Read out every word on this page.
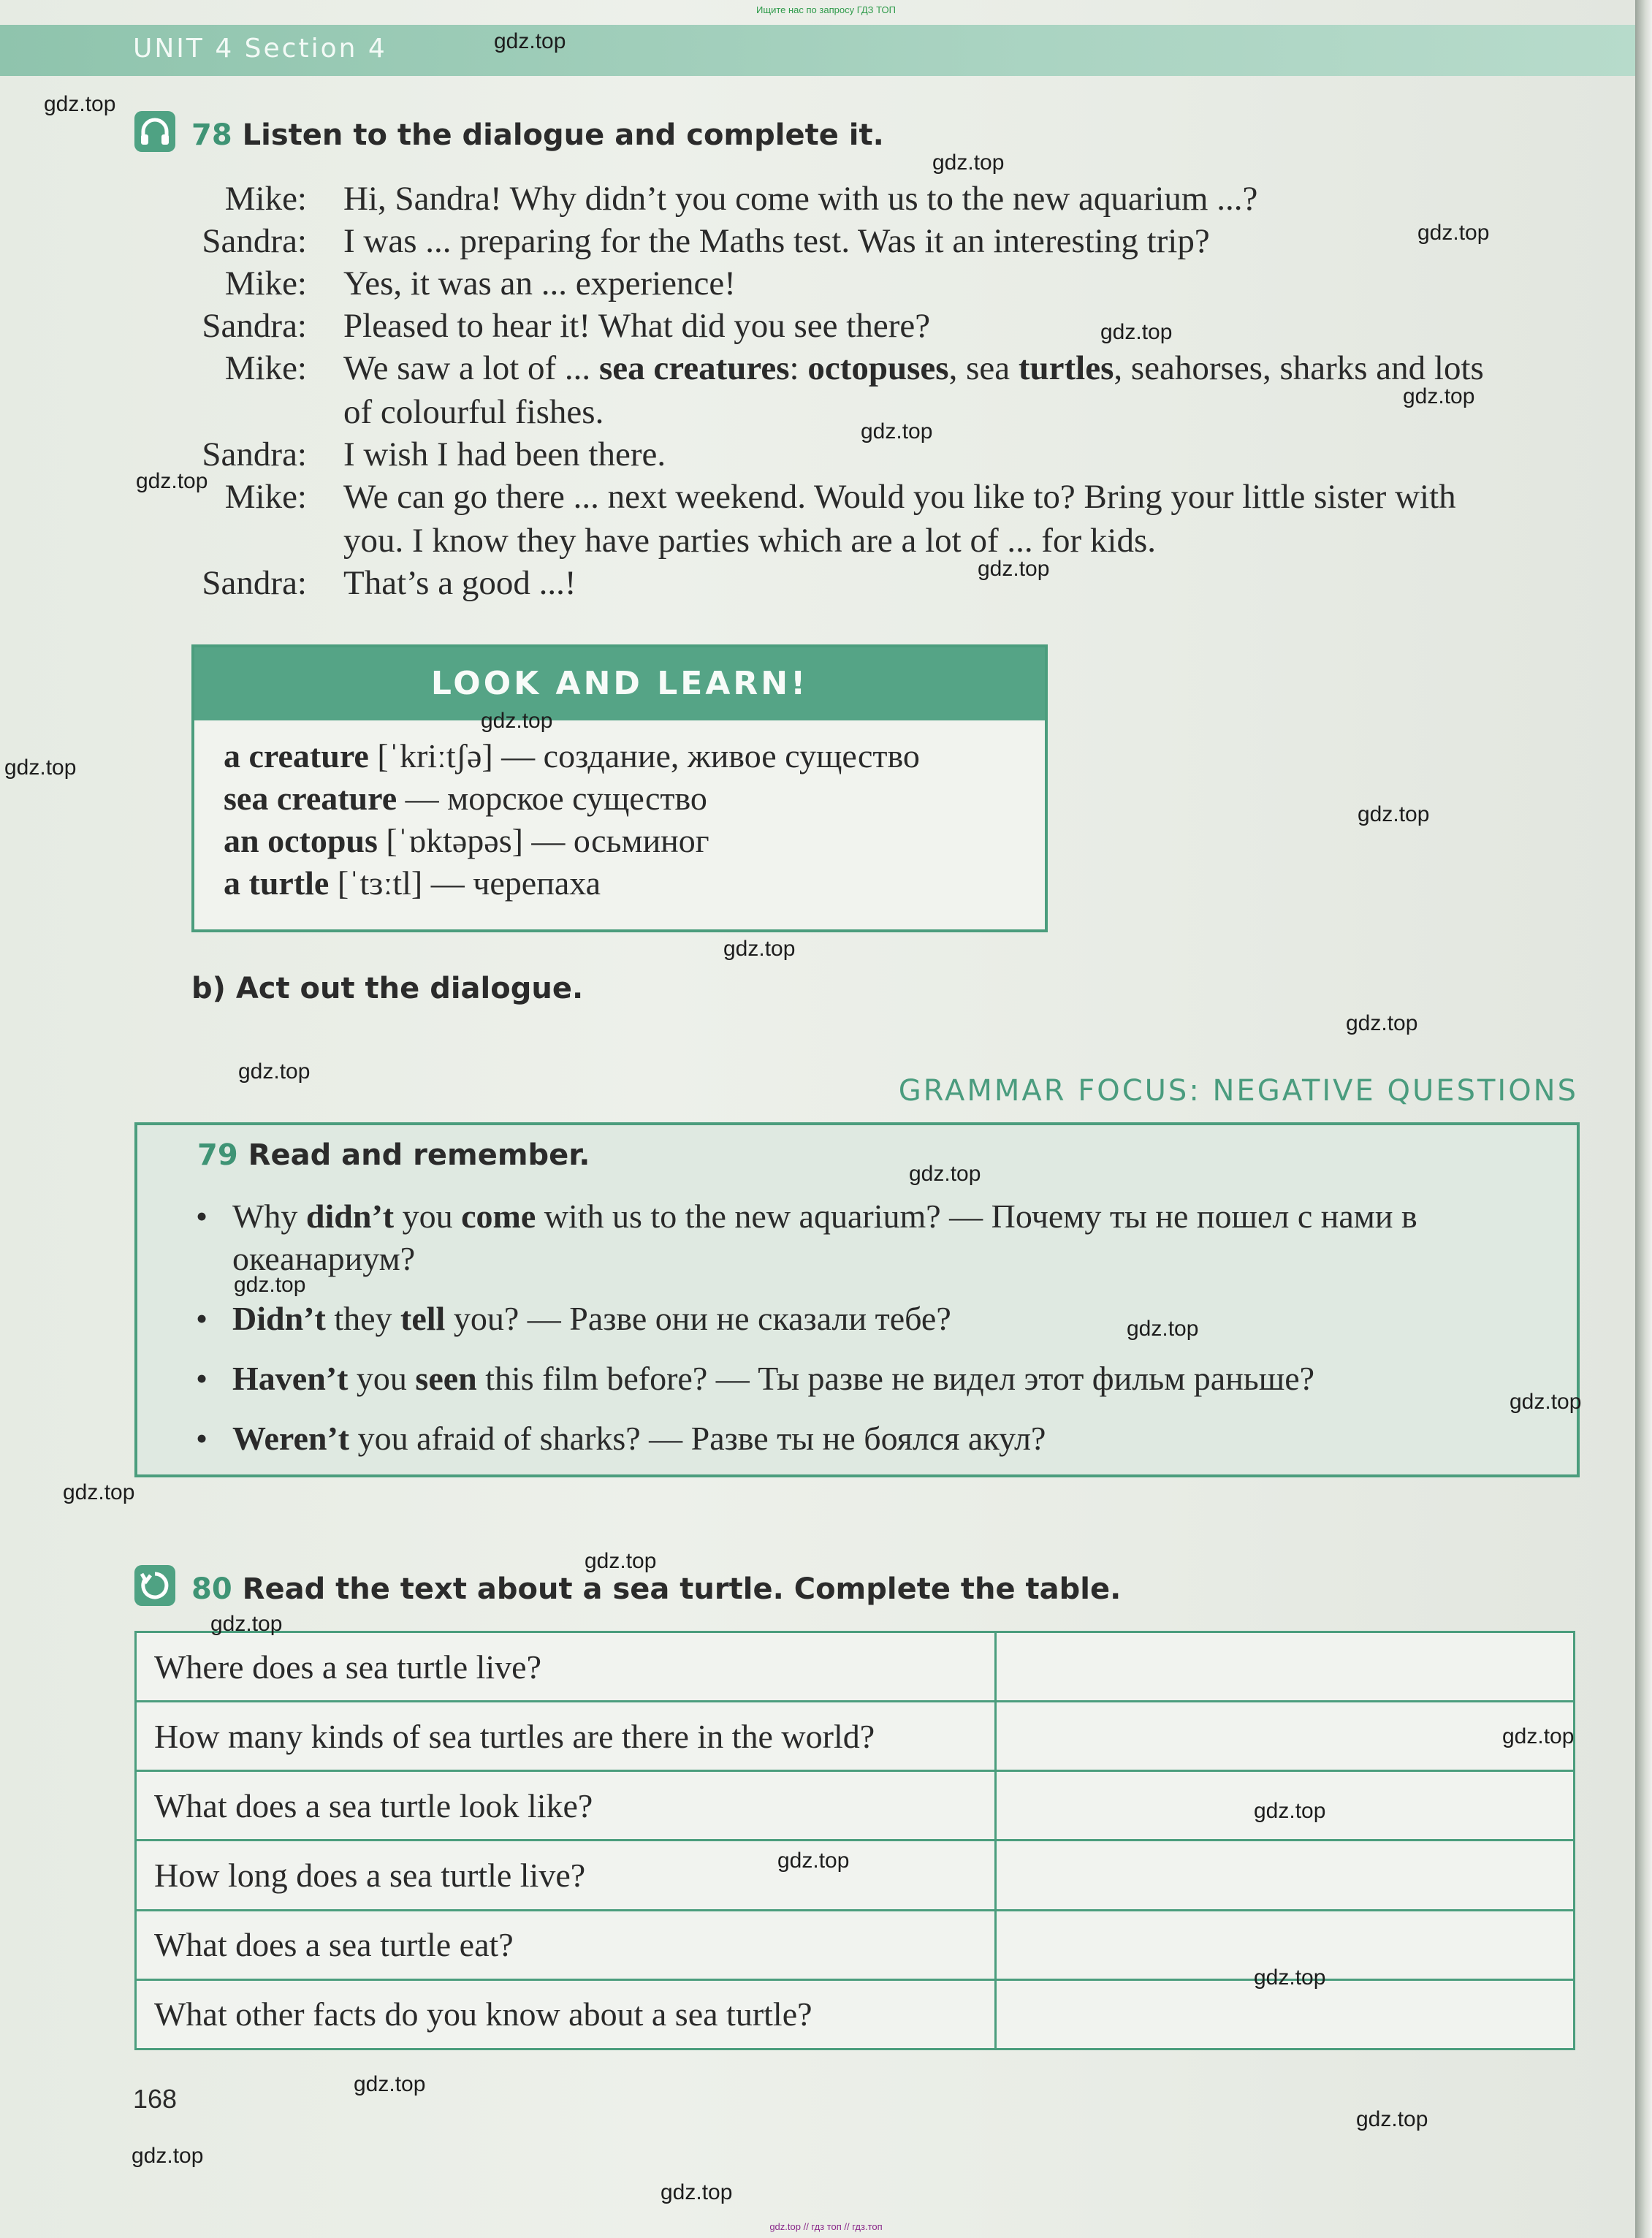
Ищите нас по запросу ГДЗ ТОП
UNIT 4 Section 4
78 Listen to the dialogue and complete it.
Mike: Hi, Sandra! Why didn’t you come with us to the new aquarium ...?
Sandra: I was ... preparing for the Maths test. Was it an interesting trip?
Mike: Yes, it was an ... experience!
Sandra: Pleased to hear it! What did you see there?
Mike: We saw a lot of ... sea creatures: octopuses, sea turtles, seahorses, sharks and lots
of colourful fishes.
Sandra: I wish I had been there.
Mike: We can go there ... next weekend. Would you like to? Bring your little sister with
you. I know they have parties which are a lot of ... for kids.
Sandra: That’s a good ...!
LOOK AND LEARN!
a creature [ˈkriːtʃə] — создание, живое существо
sea creature — морское существо
an octopus [ˈɒktəpəs] — осьминог
a turtle [ˈtɜːtl] — черепаха
b) Act out the dialogue.
GRAMMAR FOCUS: NEGATIVE QUESTIONS
79 Read and remember.
• Why didn’t you come with us to the new aquarium? — Почему ты не пошел с нами в
океанариум?
• Didn’t they tell you? — Разве они не сказали тебе?
• Haven’t you seen this film before? — Ты разве не видел этот фильм раньше?
• Weren’t you afraid of sharks? — Разве ты не боялся акул?
80 Read the text about a sea turtle. Complete the table.
Where does a sea turtle live?	
How many kinds of sea turtles are there in the world?	
What does a sea turtle look like?	
How long does a sea turtle live?	
What does a sea turtle eat?	
What other facts do you know about a sea turtle?	
168
gdz.top
gdz.top
gdz.top
gdz.top
gdz.top
gdz.top
gdz.top
gdz.top
gdz.top
gdz.top
gdz.top
gdz.top
gdz.top
gdz.top
gdz.top
gdz.top
gdz.top
gdz.top
gdz.top
gdz.top
gdz.top
gdz.top
gdz.top
gdz.top
gdz.top
gdz.top
gdz.top
gdz.top
gdz.top
gdz.top
gdz.top // гдз топ // гдз.топ
